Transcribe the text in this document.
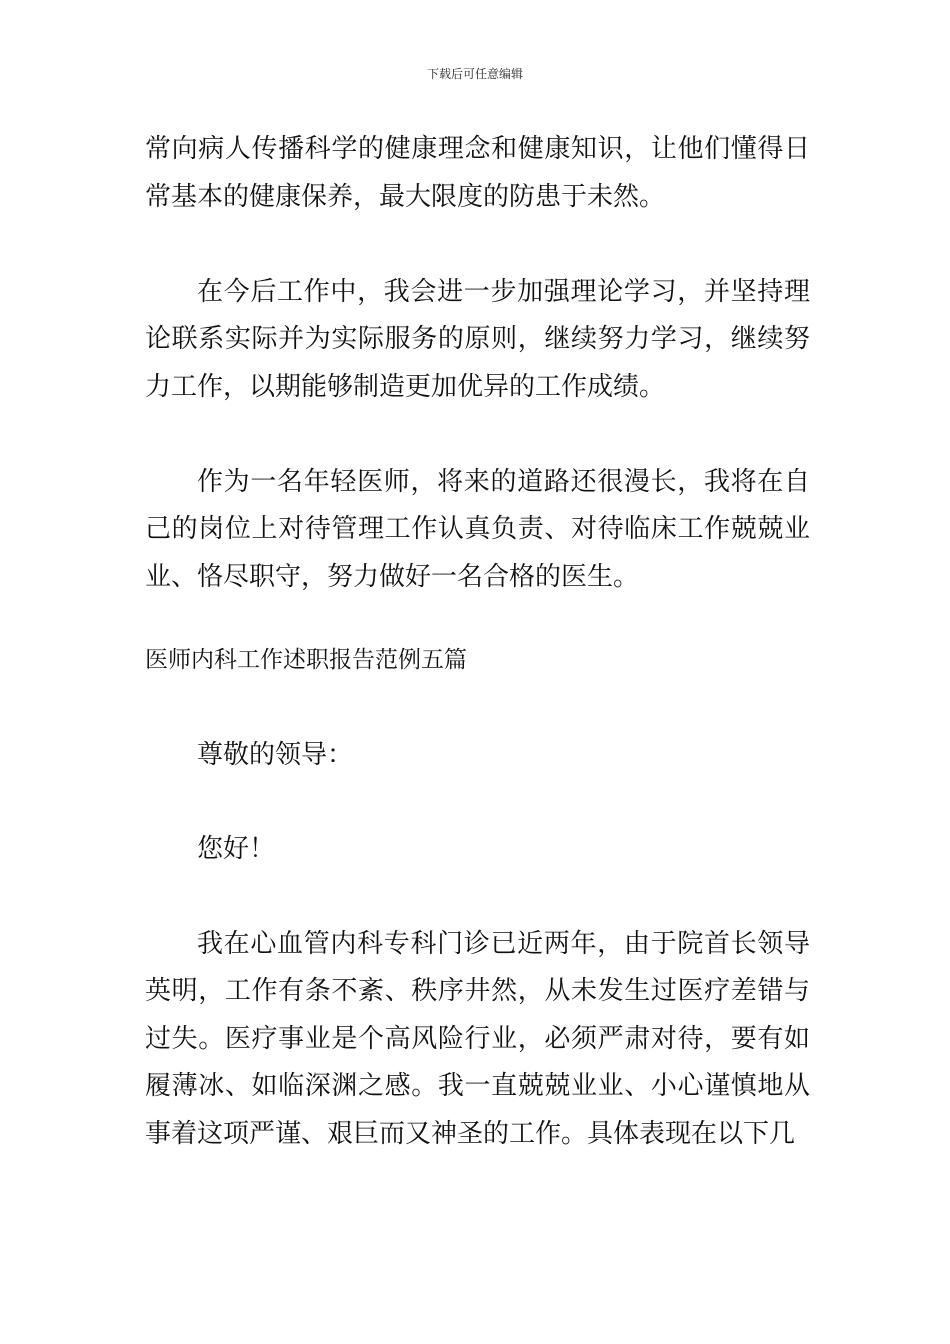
下载后可任意编辑

常向病人传播科学的健康理念和健康知识，让他们懂得日常基本的健康保养，最大限度的防患于未然。

在今后工作中，我会进一步加强理论学习，并坚持理论联系实际并为实际服务的原则，继续努力学习，继续努力工作，以期能够制造更加优异的工作成绩。

作为一名年轻医师，将来的道路还很漫长，我将在自己的岗位上对待管理工作认真负责、对待临床工作兢兢业业、恪尽职守，努力做好一名合格的医生。

医师内科工作述职报告范例五篇

尊敬的领导：

您好！

我在心血管内科专科门诊已近两年，由于院首长领导英明，工作有条不紊、秩序井然，从未发生过医疗差错与过失。医疗事业是个高风险行业，必须严肃对待，要有如履薄冰、如临深渊之感。我一直兢兢业业、小心谨慎地从事着这项严谨、艰巨而又神圣的工作。具体表现在以下几
